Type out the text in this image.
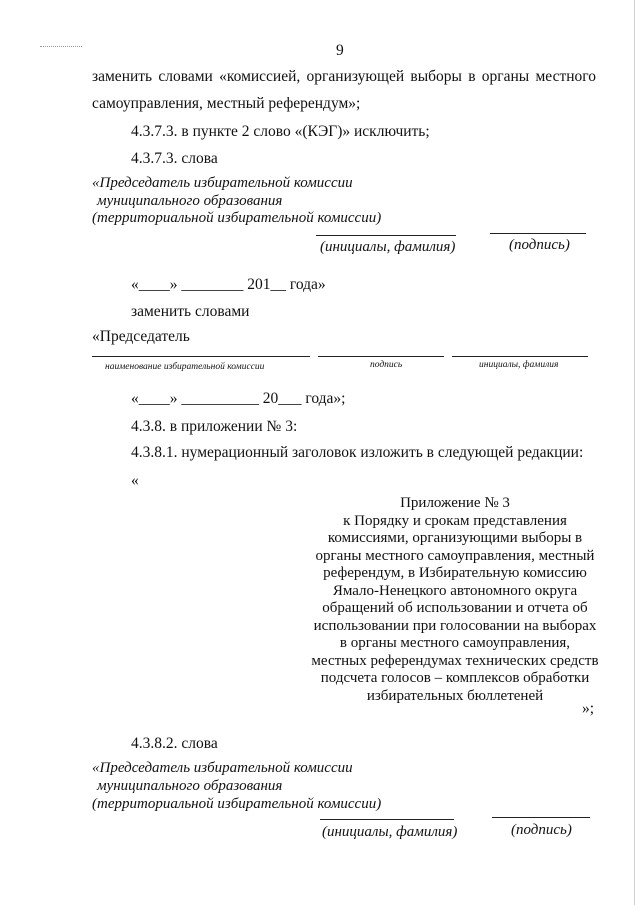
9
заменить словами «комиссией, организующей выборы в органы местного
самоуправления, местный референдум»;
4.3.7.3. в пункте 2 слово «(КЭГ)» исключить;
4.3.7.3. слова
«Председатель избирательной комиссии
муниципального образования
(территориальной избирательной комиссии)
(инициалы, фамилия)	(подпись)
«____» ________ 201__ года»
заменить словами
«Председатель
наименование избирательной комиссии	подпись	инициалы, фамилия
«____» __________ 20___ года»;
4.3.8. в приложении № 3:
4.3.8.1. нумерационный заголовок изложить в следующей редакции:
«
Приложение № 3
к Порядку и срокам представления
комиссиями, организующими выборы в
органы местного самоуправления, местный
референдум, в Избирательную комиссию
Ямало-Ненецкого автономного округа
обращений об использовании и отчета об
использовании при голосовании на выборах
в органы местного самоуправления,
местных референдумах технических средств
подсчета голосов – комплексов обработки
избирательных бюллетеней
»;
4.3.8.2. слова
«Председатель избирательной комиссии
муниципального образования
(территориальной избирательной комиссии)
(инициалы, фамилия)	(подпись)
